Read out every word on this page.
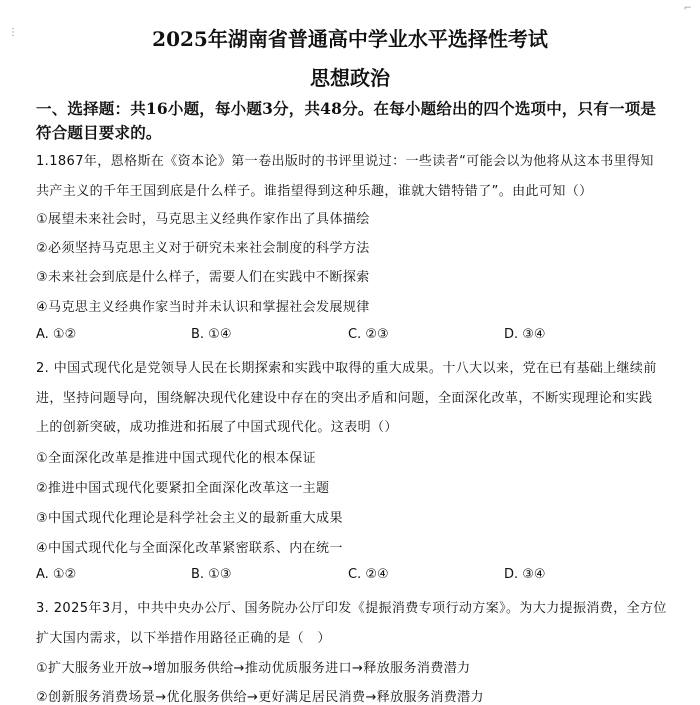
⋮
⌐
2025年湖南省普通高中学业水平选择性考试
思想政治
一、选择题：共16小题，每小题3分，共48分。在每小题给出的四个选项中，只有一项是
符合题目要求的。
1.1867年，恩格斯在《资本论》第一卷出版时的书评里说过：一些读者“可能会以为他将从这本书里得知
共产主义的千年王国到底是什么样子。谁指望得到这种乐趣，谁就大错特错了”。由此可知（）
①展望未来社会时，马克思主义经典作家作出了具体描绘
②必须坚持马克思主义对于研究未来社会制度的科学方法
③未来社会到底是什么样子，需要人们在实践中不断探索
④马克思主义经典作家当时并未认识和掌握社会发展规律
A. ①②	B. ①④	C. ②③	D. ③④
2. 中国式现代化是党领导人民在长期探索和实践中取得的重大成果。十八大以来，党在已有基础上继续前
进，坚持问题导向，围绕解决现代化建设中存在的突出矛盾和问题，全面深化改革，不断实现理论和实践
上的创新突破，成功推进和拓展了中国式现代化。这表明（）
①全面深化改革是推进中国式现代化的根本保证
②推进中国式现代化要紧扣全面深化改革这一主题
③中国式现代化理论是科学社会主义的最新重大成果
④中国式现代化与全面深化改革紧密联系、内在统一
A. ①②	B. ①③	C. ②④	D. ③④
3. 2025年3月，中共中央办公厅、国务院办公厅印发《提振消费专项行动方案》。为大力提振消费，全方位
扩大国内需求，以下举措作用路径正确的是（　）
①扩大服务业开放→增加服务供给→推动优质服务进口→释放服务消费潜力
②创新服务消费场景→优化服务供给→更好满足居民消费→释放服务消费潜力
